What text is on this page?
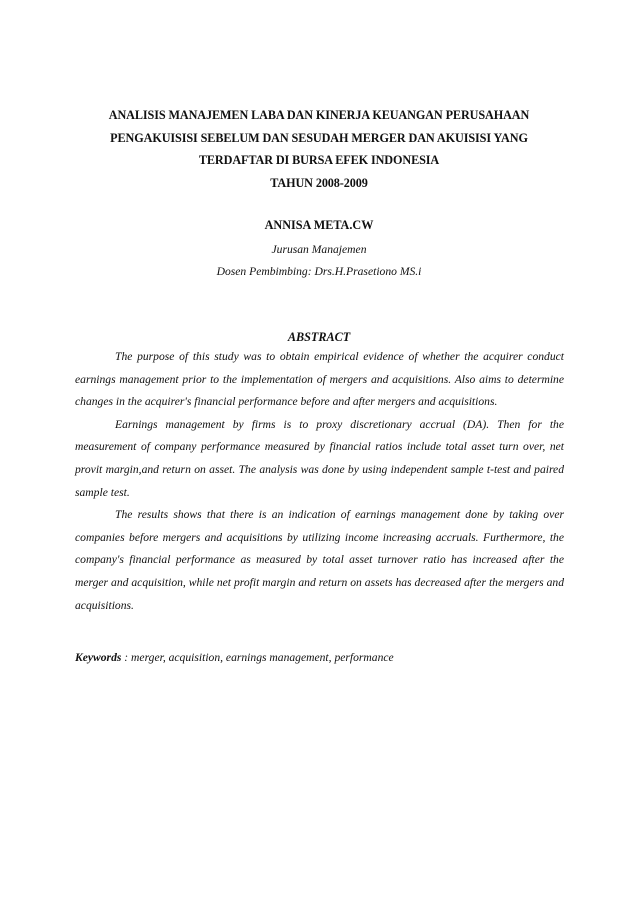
ANALISIS MANAJEMEN LABA DAN KINERJA KEUANGAN PERUSAHAAN
PENGAKUISISI SEBELUM DAN SESUDAH MERGER DAN AKUISISI YANG
TERDAFTAR DI BURSA EFEK INDONESIA
TAHUN 2008-2009
ANNISA META.CW
Jurusan Manajemen
Dosen Pembimbing: Drs.H.Prasetiono MS.i
ABSTRACT

The purpose of this study was to obtain empirical evidence of whether the acquirer conduct earnings management prior to the implementation of mergers and acquisitions. Also aims to determine changes in the acquirer's financial performance before and after mergers and acquisitions.

Earnings management by firms is to proxy discretionary accrual (DA). Then for the measurement of company performance measured by financial ratios include total asset turn over, net provit margin,and return on asset. The analysis was done by using independent sample t-test and paired sample test.

The results shows that there is an indication of earnings management done by taking over companies before mergers and acquisitions by utilizing income increasing accruals. Furthermore, the company's financial performance as measured by total asset turnover ratio has increased after the merger and acquisition, while net profit margin and return on assets has decreased after the mergers and acquisitions.

Keywords : merger, acquisition, earnings management, performance
